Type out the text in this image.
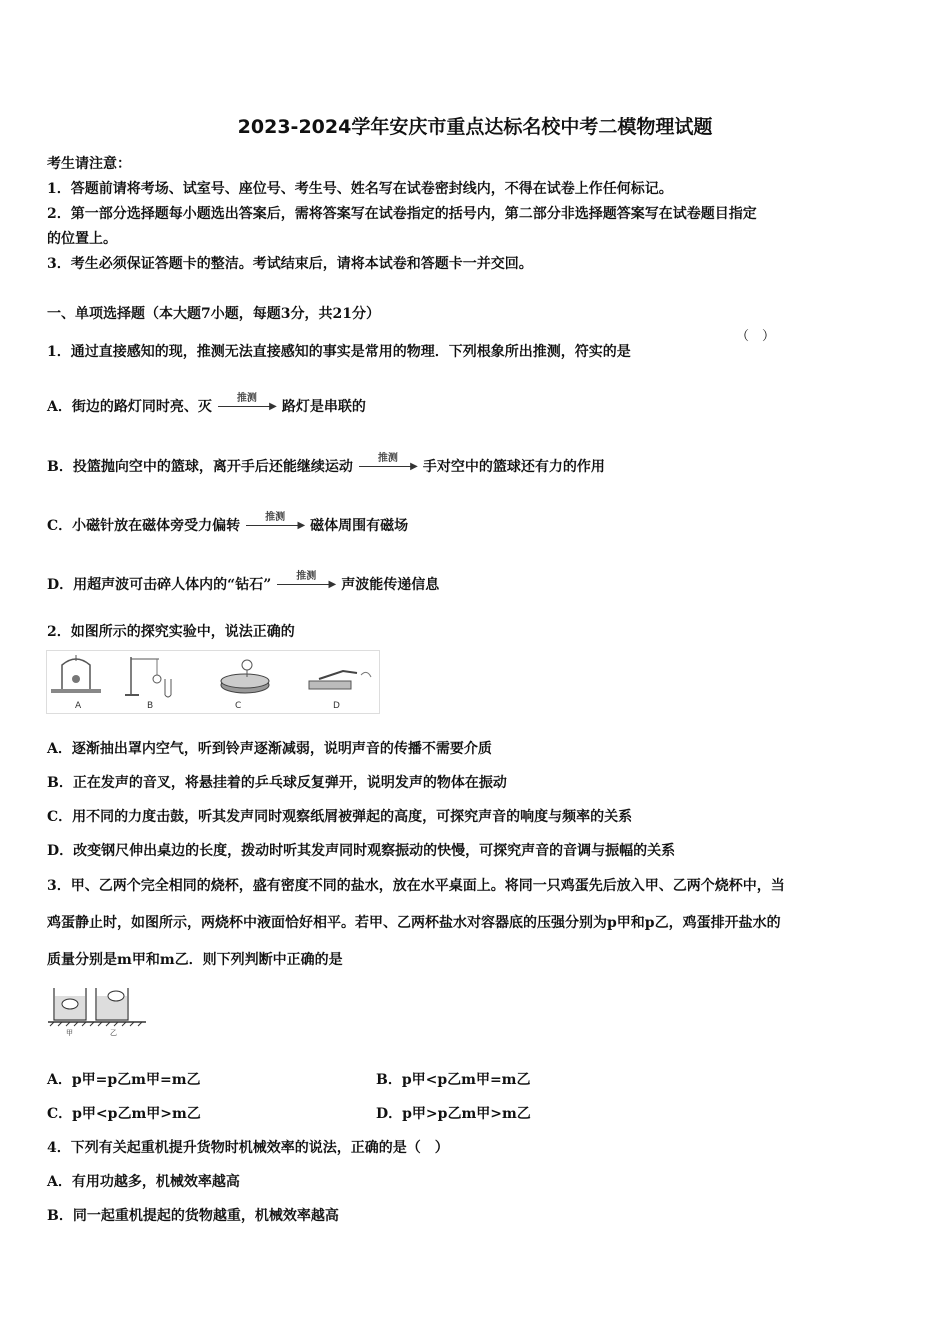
2023-2024学年安庆市重点达标名校中考二模物理试题
考生请注意：
1．答题前请将考场、试室号、座位号、考生号、姓名写在试卷密封线内，不得在试卷上作任何标记。
2．第一部分选择题每小题选出答案后，需将答案写在试卷指定的括号内，第二部分非选择题答案写在试卷题目指定
的位置上。
3．考生必须保证答题卡的整洁。考试结束后，请将本试卷和答题卡一并交回。
一、单项选择题（本大题7小题，每题3分，共21分）
1．通过直接感知的现，推测无法直接感知的事实是常用的物理．下列根象所出推测，符实的是
（　）
A．街边的路灯同时亮、灭
推测
▶ 路灯是串联的
B．投篮抛向空中的篮球，离开手后还能继续运动
推测
▶ 手对空中的篮球还有力的作用
C．小磁针放在磁体旁受力偏转
推测
▶ 磁体周围有磁场
D．用超声波可击碎人体内的“钻石”
推测
▶ 声波能传递信息
2．如图所示的探究实验中，说法正确的
A	B	C	D
A．逐渐抽出罩内空气，听到铃声逐渐减弱，说明声音的传播不需要介质
B．正在发声的音叉，将悬挂着的乒乓球反复弹开，说明发声的物体在振动
C．用不同的力度击鼓，听其发声同时观察纸屑被弹起的高度，可探究声音的响度与频率的关系
D．改变钢尺伸出桌边的长度，拨动时听其发声同时观察振动的快慢，可探究声音的音调与振幅的关系
3．甲、乙两个完全相同的烧杯，盛有密度不同的盐水，放在水平桌面上。将同一只鸡蛋先后放入甲、乙两个烧杯中，当
鸡蛋静止时，如图所示，两烧杯中液面恰好相平。若甲、乙两杯盐水对容器底的压强分别为p甲和p乙，鸡蛋排开盐水的
质量分别是m甲和m乙．则下列判断中正确的是
甲	乙
A．p甲=p乙m甲=m乙	B．p甲<p乙m甲=m乙
C．p甲<p乙m甲>m乙	D．p甲>p乙m甲>m乙
4．下列有关起重机提升货物时机械效率的说法，正确的是（　）
A．有用功越多，机械效率越高
B．同一起重机提起的货物越重，机械效率越高
